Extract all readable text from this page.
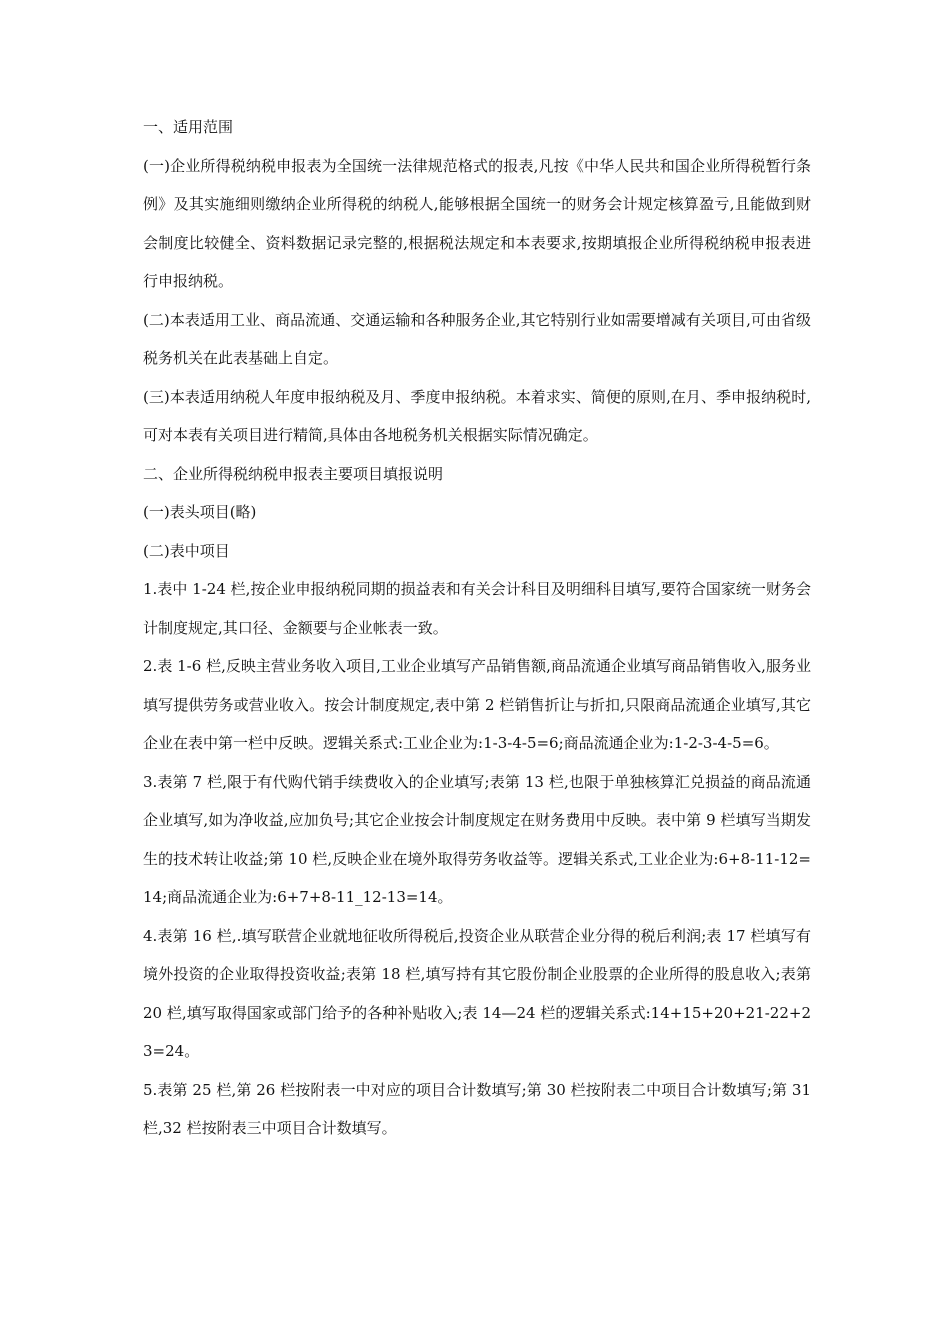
一、适用范围

(一)企业所得税纳税申报表为全国统一法律规范格式的报表,凡按《中华人民共和国企业所得税暂行条例》及其实施细则缴纳企业所得税的纳税人,能够根据全国统一的财务会计规定核算盈亏,且能做到财会制度比较健全、资料数据记录完整的,根据税法规定和本表要求,按期填报企业所得税纳税申报表进行申报纳税。

(二)本表适用工业、商品流通、交通运输和各种服务企业,其它特别行业如需要增减有关项目,可由省级税务机关在此表基础上自定。

(三)本表适用纳税人年度申报纳税及月、季度申报纳税。本着求实、简便的原则,在月、季申报纳税时,可对本表有关项目进行精简,具体由各地税务机关根据实际情况确定。

二、企业所得税纳税申报表主要项目填报说明

(一)表头项目(略)

(二)表中项目

1.表中 1-24 栏,按企业申报纳税同期的损益表和有关会计科目及明细科目填写,要符合国家统一财务会计制度规定,其口径、金额要与企业帐表一致。

2.表 1-6 栏,反映主营业务收入项目,工业企业填写产品销售额,商品流通企业填写商品销售收入,服务业填写提供劳务或营业收入。按会计制度规定,表中第 2 栏销售折让与折扣,只限商品流通企业填写,其它企业在表中第一栏中反映。逻辑关系式:工业企业为:1-3-4-5=6;商品流通企业为:1-2-3-4-5=6。

3.表第 7 栏,限于有代购代销手续费收入的企业填写;表第 13 栏,也限于单独核算汇兑损益的商品流通企业填写,如为净收益,应加负号;其它企业按会计制度规定在财务费用中反映。表中第 9 栏填写当期发生的技术转让收益;第 10 栏,反映企业在境外取得劳务收益等。逻辑关系式,工业企业为:6+8-11-12=14;商品流通企业为:6+7+8-11_12-13=14。

4.表第 16 栏,.填写联营企业就地征收所得税后,投资企业从联营企业分得的税后利润;表 17 栏填写有境外投资的企业取得投资收益;表第 18 栏,填写持有其它股份制企业股票的企业所得的股息收入;表第 20 栏,填写取得国家或部门给予的各种补贴收入;表 14—24 栏的逻辑关系式:14+15+20+21-22+23=24。

5.表第 25 栏,第 26 栏按附表一中对应的项目合计数填写;第 30 栏按附表二中项目合计数填写;第 31 栏,32 栏按附表三中项目合计数填写。
